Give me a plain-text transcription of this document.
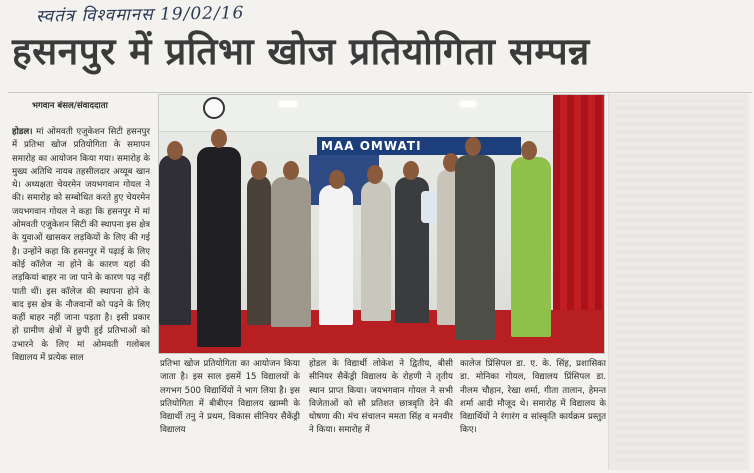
स्वतंत्र विश्वमानस 19/02/16
हसनपुर में प्रतिभा खोज प्रतियोगिता सम्पन्न
भगवान बंसल/संवाददाता
होडल। मां ओमवती एजुकेशन सिटी हसनपुर में प्रतिभा खोज प्रतियोगिता के समापन समारोह का आयोजन किया गया। समारोह के मुख्य अतिथि नायब तहसीलदार अय्यूब खान थे। अध्यक्षता चेयरमेन जयभगवान गोयल ने की। समारोह को सम्बोधित करते हुए चेयरमेन जयभगवान गोयल ने कहा कि हसनपुर में मां ओमवती एजुकेशन सिटी की स्थापना इस क्षेत्र के युवाओं खासकर लड़कियों के लिए की गई है। उन्होंने कहा कि हसनपुर में पढ़ाई के लिए कोई कॉलेज ना होने के कारण यहां की लड़कियां बाहर ना जा पाने के कारण पढ़ नहीं पाती थीं। इस कॉलेज की स्थापना होने के बाद इस क्षेत्र के नौजवानों को पढ़ने के लिए कहीं बाहर नहीं जाना पड़ता है। इसी प्रकार हो ग्रामीण क्षेत्रों में छुपी हुई प्रतिभाओं को उभारने के लिए मां ओमवती गलोबल विद्यालय में प्रत्येक साल
MAA OMWATI
प्रतिभा खोज प्रतियोगिता का आयोजन किया जाता है। इस साल इसमें 15 विद्यालयों के लगभग 500 विद्यार्थियों ने भाग लिया है। इस प्रतियोगिता में बीबीएन विद्यालय खाम्मी के विद्यार्थी तनु ने प्रथम, विकास सीनियर सैकेंड्री विद्यालय
होडल के विद्यार्थी लोकेश ने द्वितीय, बीसी सीनियर सैकेंड्री विद्यालय के रोहणी ने तृतीय स्थान प्राप्त किया। जयभगवान गोयल ने सभी विजेताओं को सौ प्रतिशत छात्रवृति देने की घोषणा की। मंच संचालन ममता सिंह व मनवीर ने किया। समारोह में
कालेज प्रिंसिपल डा. ए. के. सिंह, प्रशासिका डा. मोनिका गोयल, विद्यालय प्रिंसिपल डा. नीलम चौहान, रेखा शर्मा, गीता तालान, हेमन्त शर्मा आदी मौजूद थे। समारोह में विद्यालय के विद्यार्थियों ने रंगारंग व सांस्कृति कार्यक्रम प्रस्तुत किए।
